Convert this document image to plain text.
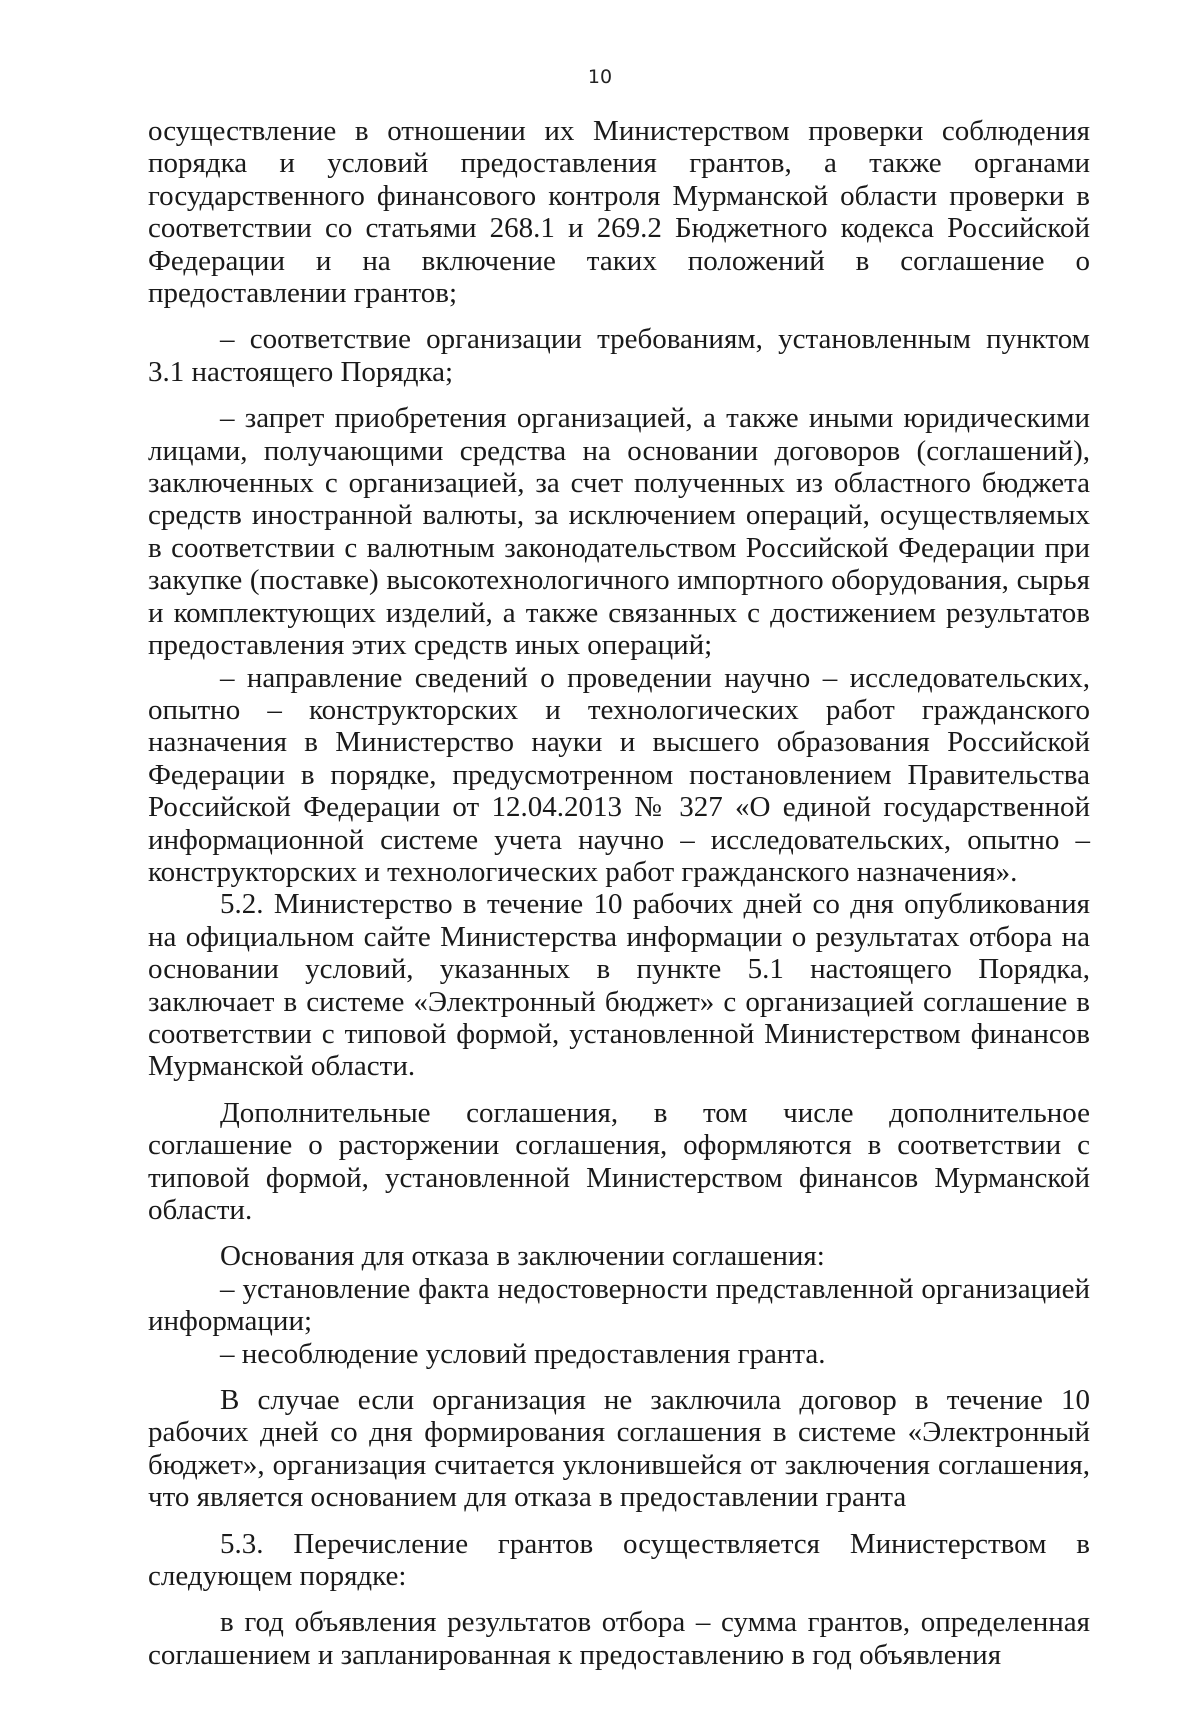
10

осуществление в отношении их Министерством проверки соблюдения порядка и условий предоставления грантов, а также органами государственного финансового контроля Мурманской области проверки в соответствии со статьями 268.1 и 269.2 Бюджетного кодекса Российской Федерации и на включение таких положений в соглашение о предоставлении грантов;

– соответствие организации требованиям, установленным пунктом 3.1 настоящего Порядка;

– запрет приобретения организацией, а также иными юридическими лицами, получающими средства на основании договоров (соглашений), заключенных с организацией, за счет полученных из областного бюджета средств иностранной валюты, за исключением операций, осуществляемых в соответствии с валютным законодательством Российской Федерации при закупке (поставке) высокотехнологичного импортного оборудования, сырья и комплектующих изделий, а также связанных с достижением результатов предоставления этих средств иных операций;

– направление сведений о проведении научно – исследовательских, опытно – конструкторских и технологических работ гражданского назначения в Министерство науки и высшего образования Российской Федерации в порядке, предусмотренном постановлением Правительства Российской Федерации от 12.04.2013 № 327 «О единой государственной информационной системе учета научно – исследовательских, опытно – конструкторских и технологических работ гражданского назначения».

5.2. Министерство в течение 10 рабочих дней со дня опубликования на официальном сайте Министерства информации о результатах отбора на основании условий, указанных в пункте 5.1 настоящего Порядка, заключает в системе «Электронный бюджет» с организацией соглашение в соответствии с типовой формой, установленной Министерством финансов Мурманской области.

Дополнительные соглашения, в том числе дополнительное соглашение о расторжении соглашения, оформляются в соответствии с типовой формой, установленной Министерством финансов Мурманской области.

Основания для отказа в заключении соглашения:

– установление факта недостоверности представленной организацией информации;

– несоблюдение условий предоставления гранта.

В случае если организация не заключила договор в течение 10 рабочих дней со дня формирования соглашения в системе «Электронный бюджет», организация считается уклонившейся от заключения соглашения, что является основанием для отказа в предоставлении гранта

5.3. Перечисление грантов осуществляется Министерством в следующем порядке:

в год объявления результатов отбора – сумма грантов, определенная соглашением и запланированная к предоставлению в год объявления
